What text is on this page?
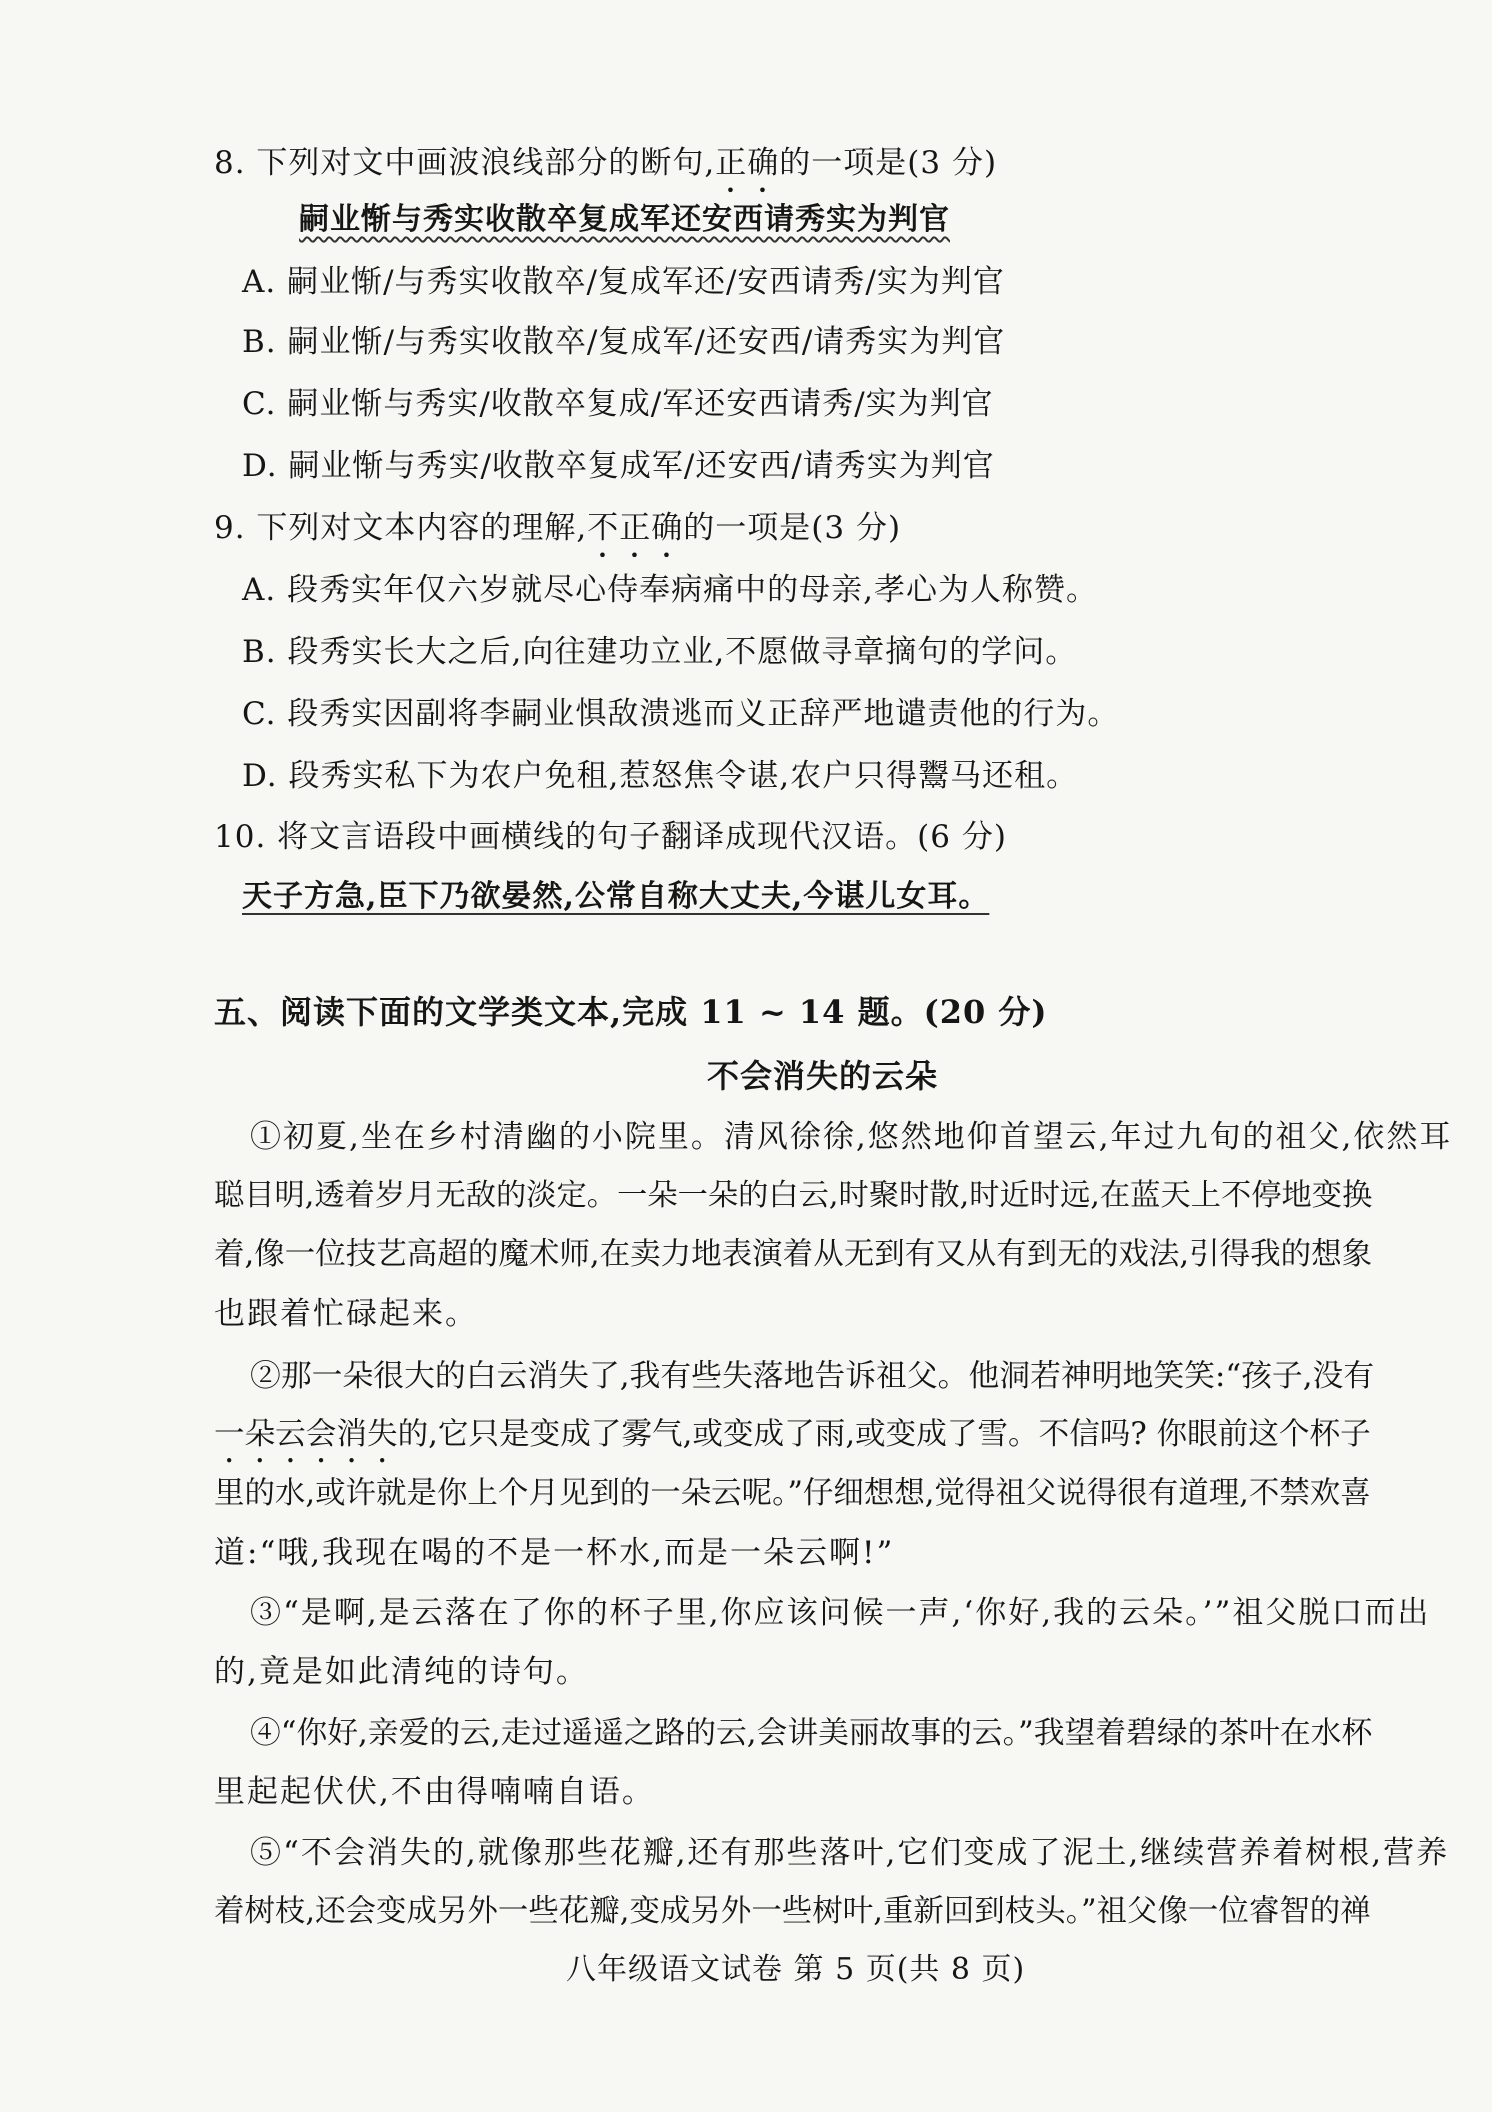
8. 下列对文中画波浪线部分的断句,正确的一项是(3 分)
嗣业惭与秀实收散卒复成军还安西请秀实为判官
A. 嗣业惭/与秀实收散卒/复成军还/安西请秀/实为判官
B. 嗣业惭/与秀实收散卒/复成军/还安西/请秀实为判官
C. 嗣业惭与秀实/收散卒复成/军还安西请秀/实为判官
D. 嗣业惭与秀实/收散卒复成军/还安西/请秀实为判官
9. 下列对文本内容的理解,不正确的一项是(3 分)
A. 段秀实年仅六岁就尽心侍奉病痛中的母亲,孝心为人称赞。
B. 段秀实长大之后,向往建功立业,不愿做寻章摘句的学问。
C. 段秀实因副将李嗣业惧敌溃逃而义正辞严地谴责他的行为。
D. 段秀实私下为农户免租,惹怒焦令谌,农户只得鬻马还租。
10. 将文言语段中画横线的句子翻译成现代汉语。(6 分)
天子方急,臣下乃欲晏然,公常自称大丈夫,今谌儿女耳。
五、阅读下面的文学类文本,完成 11 ~ 14 题。(20 分)
不会消失的云朵
①初夏,坐在乡村清幽的小院里。清风徐徐,悠然地仰首望云,年过九旬的祖父,依然耳
聪目明,透着岁月无敌的淡定。一朵一朵的白云,时聚时散,时近时远,在蓝天上不停地变换
着,像一位技艺高超的魔术师,在卖力地表演着从无到有又从有到无的戏法,引得我的想象
也跟着忙碌起来。
②那一朵很大的白云消失了,我有些失落地告诉祖父。他洞若神明地笑笑:“孩子,没有
一朵云会消失的,它只是变成了雾气,或变成了雨,或变成了雪。不信吗? 你眼前这个杯子
里的水,或许就是你上个月见到的一朵云呢。”仔细想想,觉得祖父说得很有道理,不禁欢喜
道:“哦,我现在喝的不是一杯水,而是一朵云啊!”
③“是啊,是云落在了你的杯子里,你应该问候一声,‘你好,我的云朵。’”祖父脱口而出
的,竟是如此清纯的诗句。
④“你好,亲爱的云,走过遥遥之路的云,会讲美丽故事的云。”我望着碧绿的茶叶在水杯
里起起伏伏,不由得喃喃自语。
⑤“不会消失的,就像那些花瓣,还有那些落叶,它们变成了泥土,继续营养着树根,营养
着树枝,还会变成另外一些花瓣,变成另外一些树叶,重新回到枝头。”祖父像一位睿智的禅
八年级语文试卷 第 5 页(共 8 页)
